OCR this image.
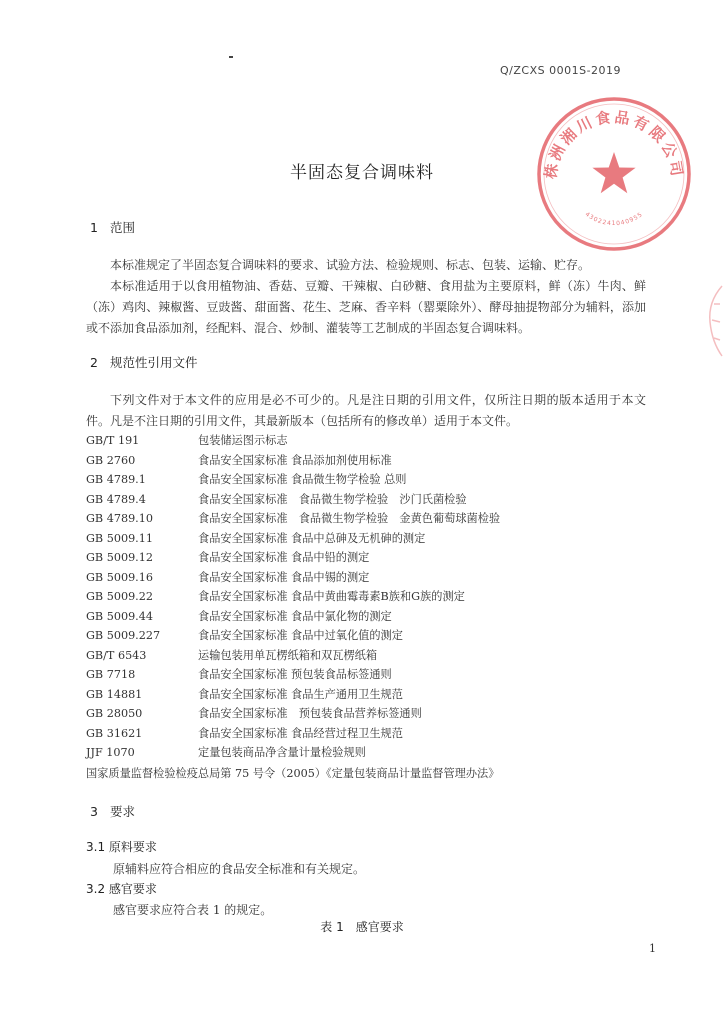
Q/ZCXS 0001S-2019
株洲湘川食品有限公司
4302241040955
半固态复合调味料
1 范围
本标准规定了半固态复合调味料的要求、试验方法、检验规则、标志、包装、运输、贮存。
本标准适用于以食用植物油、香菇、豆瓣、干辣椒、白砂糖、食用盐为主要原料，鲜（冻）牛肉、鲜（冻）鸡肉、辣椒酱、豆豉酱、甜面酱、花生、芝麻、香辛料（罂粟除外）、酵母抽提物部分为辅料，添加或不添加食品添加剂，经配料、混合、炒制、灌装等工艺制成的半固态复合调味料。
2 规范性引用文件
下列文件对于本文件的应用是必不可少的。凡是注日期的引用文件，仅所注日期的版本适用于本文件。凡是不注日期的引用文件，其最新版本（包括所有的修改单）适用于本文件。
GB/T 191	包装储运图示标志
GB 2760	食品安全国家标准 食品添加剂使用标准
GB 4789.1	食品安全国家标准 食品微生物学检验 总则
GB 4789.4	食品安全国家标准　食品微生物学检验　沙门氏菌检验
GB 4789.10	食品安全国家标准　食品微生物学检验　金黄色葡萄球菌检验
GB 5009.11	食品安全国家标准 食品中总砷及无机砷的测定
GB 5009.12	食品安全国家标准 食品中铅的测定
GB 5009.16	食品安全国家标准 食品中锡的测定
GB 5009.22	食品安全国家标准 食品中黄曲霉毒素B族和G族的测定
GB 5009.44	食品安全国家标准 食品中氯化物的测定
GB 5009.227	食品安全国家标准 食品中过氧化值的测定
GB/T 6543	运输包装用单瓦楞纸箱和双瓦楞纸箱
GB 7718	食品安全国家标准 预包装食品标签通则
GB 14881	食品安全国家标准 食品生产通用卫生规范
GB 28050	食品安全国家标准　预包装食品营养标签通则
GB 31621	食品安全国家标准 食品经营过程卫生规范
JJF 1070	定量包装商品净含量计量检验规则
国家质量监督检验检疫总局第 75 号令（2005）《定量包装商品计量监督管理办法》
3 要求
3.1 原料要求
原辅料应符合相应的食品安全标准和有关规定。
3.2 感官要求
感官要求应符合表 1 的规定。
表 1　感官要求
1
